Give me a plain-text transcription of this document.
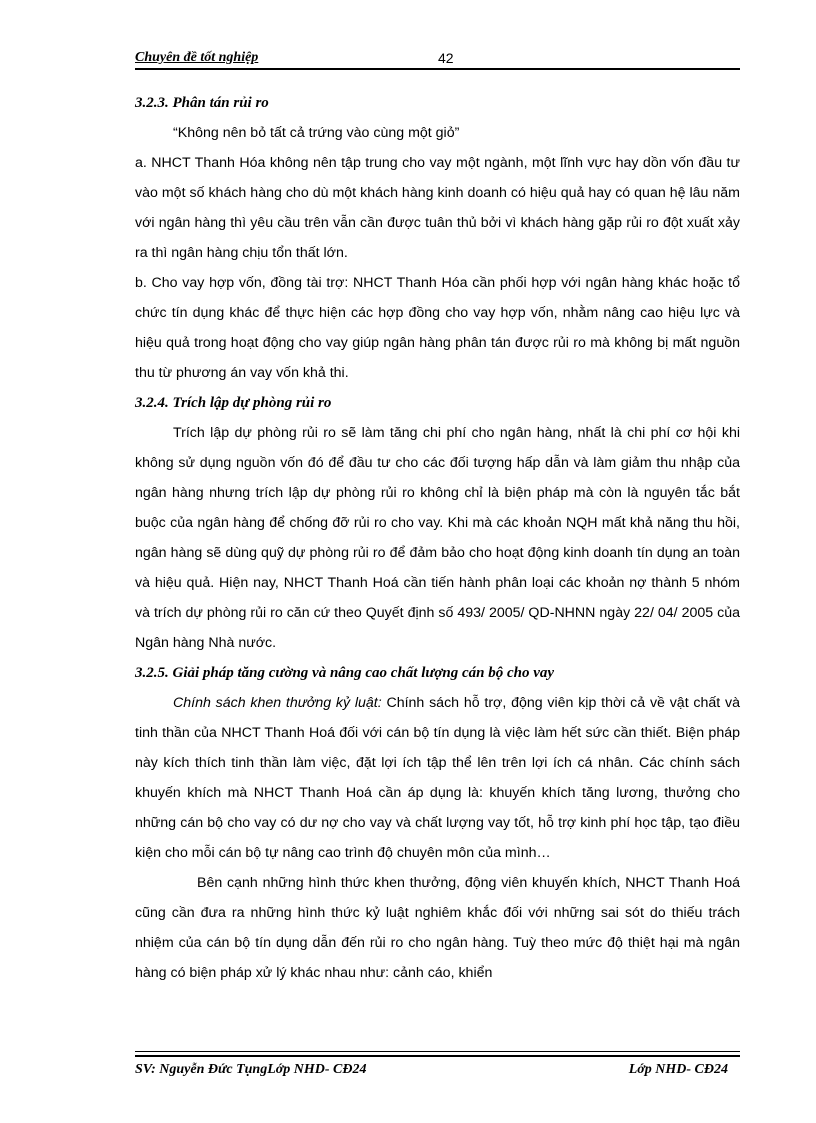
Chuyên đề tốt nghiệp	42

3.2.3. Phân tán rủi ro

“Không nên bỏ tất cả trứng vào cùng một giỏ”

a. NHCT Thanh Hóa không nên tập trung cho vay một ngành, một lĩnh vực hay dồn vốn đầu tư vào một số khách hàng cho dù một khách hàng kinh doanh có hiệu quả hay có quan hệ lâu năm với ngân hàng thì yêu cầu trên vẫn cần được tuân thủ bởi vì khách hàng gặp rủi ro đột xuất xảy ra thì ngân hàng chịu tổn thất lớn.

b. Cho vay hợp vốn, đồng tài trợ: NHCT Thanh Hóa cần phối hợp với ngân hàng khác hoặc tổ chức tín dụng khác để thực hiện các hợp đồng cho vay hợp vốn, nhằm nâng cao hiệu lực và hiệu quả trong hoạt động cho vay giúp ngân hàng phân tán được rủi ro mà không bị mất nguồn thu từ phương án vay vốn khả thi.

3.2.4. Trích lập dự phòng rủi ro

Trích lập dự phòng rủi ro sẽ làm tăng chi phí cho ngân hàng, nhất là chi phí cơ hội khi không sử dụng nguồn vốn đó để đầu tư cho các đối tượng hấp dẫn và làm giảm thu nhập của ngân hàng nhưng trích lập dự phòng rủi ro không chỉ là biện pháp mà còn là nguyên tắc bắt buộc của ngân hàng để chống đỡ rủi ro cho vay. Khi mà các khoản NQH mất khả năng thu hồi, ngân hàng sẽ dùng quỹ dự phòng rủi ro để đảm bảo cho hoạt động kinh doanh tín dụng an toàn và hiệu quả. Hiện nay, NHCT Thanh Hoá cần tiến hành phân loại các khoản nợ thành 5 nhóm và trích dự phòng rủi ro căn cứ theo Quyết định số 493/ 2005/ QD-NHNN ngày 22/ 04/ 2005 của Ngân hàng Nhà nước.

3.2.5. Giải pháp tăng cường và nâng cao chất lượng cán bộ cho vay

Chính sách khen thưởng kỷ luật: Chính sách hỗ trợ, động viên kịp thời cả về vật chất và tinh thần của NHCT Thanh Hoá đối với cán bộ tín dụng là việc làm hết sức cần thiết. Biện pháp này kích thích tinh thần làm việc, đặt lợi ích tập thể lên trên lợi ích cá nhân. Các chính sách khuyến khích mà NHCT Thanh Hoá cần áp dụng là: khuyến khích tăng lương, thưởng cho những cán bộ cho vay có dư nợ cho vay và chất lượng vay tốt, hỗ trợ kinh phí học tập, tạo điều kiện cho mỗi cán bộ tự nâng cao trình độ chuyên môn của mình…

Bên cạnh những hình thức khen thưởng, động viên khuyến khích, NHCT Thanh Hoá cũng cần đưa ra những hình thức kỷ luật nghiêm khắc đối với những sai sót do thiếu trách nhiệm của cán bộ tín dụng dẫn đến rủi ro cho ngân hàng. Tuỳ theo mức độ thiệt hại mà ngân hàng có biện pháp xử lý khác nhau như: cảnh cáo, khiển

SV: Nguyễn Đức TụngLớp NHD- CĐ24	Lớp NHD- CĐ24
